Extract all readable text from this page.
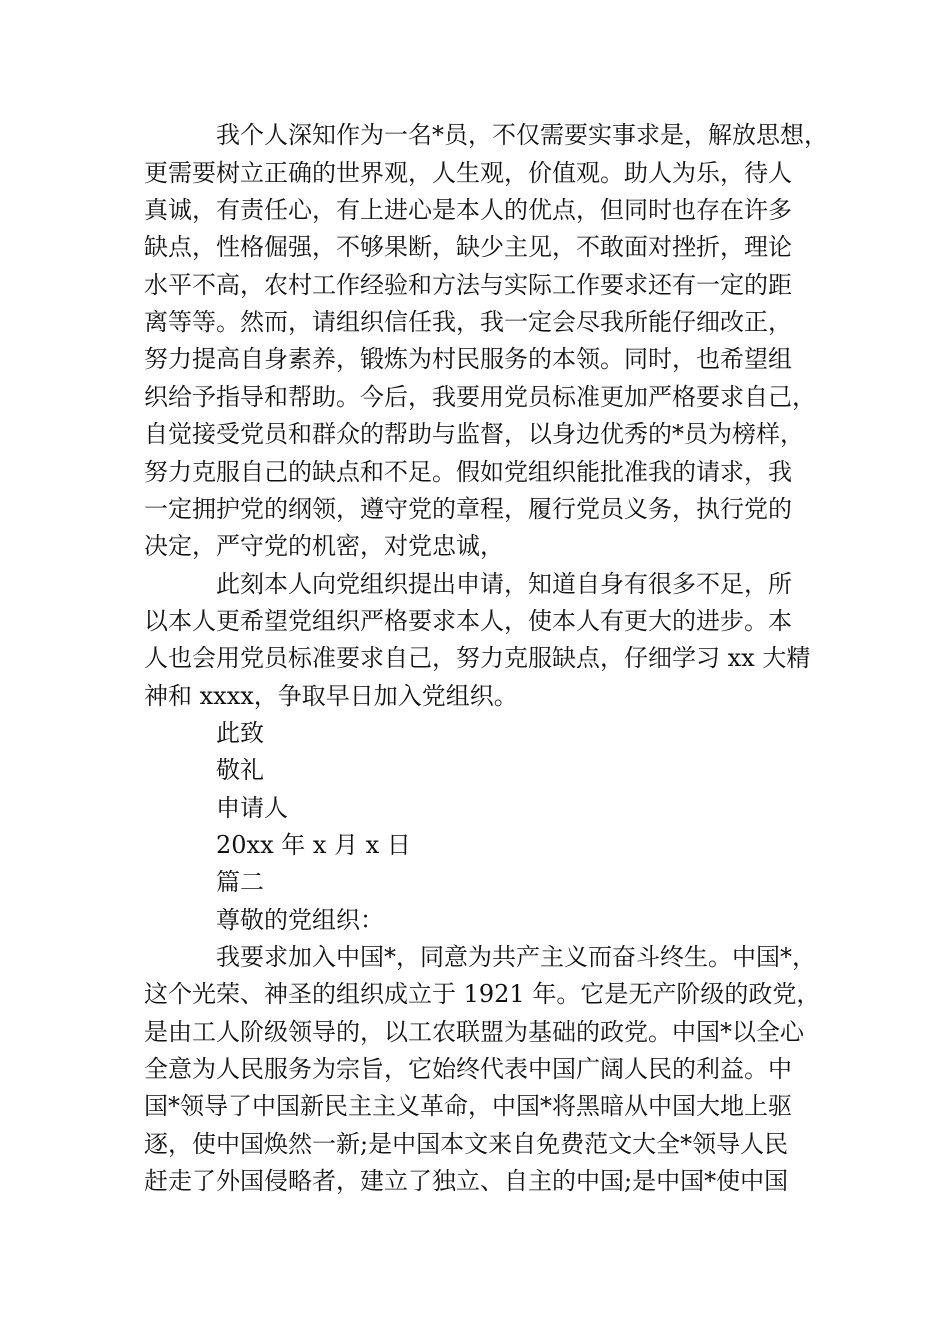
我个人深知作为一名*员，不仅需要实事求是，解放思想，
更需要树立正确的世界观，人生观，价值观。助人为乐，待人
真诚，有责任心，有上进心是本人的优点，但同时也存在许多
缺点，性格倔强，不够果断，缺少主见，不敢面对挫折，理论
水平不高，农村工作经验和方法与实际工作要求还有一定的距
离等等。然而，请组织信任我，我一定会尽我所能仔细改正，
努力提高自身素养，锻炼为村民服务的本领。同时，也希望组
织给予指导和帮助。今后，我要用党员标准更加严格要求自己，
自觉接受党员和群众的帮助与监督，以身边优秀的*员为榜样，
努力克服自己的缺点和不足。假如党组织能批准我的请求，我
一定拥护党的纲领，遵守党的章程，履行党员义务，执行党的
决定，严守党的机密，对党忠诚，
此刻本人向党组织提出申请，知道自身有很多不足，所
以本人更希望党组织严格要求本人，使本人有更大的进步。本
人也会用党员标准要求自己，努力克服缺点，仔细学习 xx 大精
神和 xxxx，争取早日加入党组织。
此致
敬礼
申请人
20xx 年 x 月 x 日
篇二
尊敬的党组织：
我要求加入中国*，同意为共产主义而奋斗终生。中国*，
这个光荣、神圣的组织成立于 1921 年。它是无产阶级的政党，
是由工人阶级领导的，以工农联盟为基础的政党。中国*以全心
全意为人民服务为宗旨，它始终代表中国广阔人民的利益。中
国*领导了中国新民主主义革命，中国*将黑暗从中国大地上驱
逐，使中国焕然一新;是中国本文来自免费范文大全*领导人民
赶走了外国侵略者，建立了独立、自主的中国;是中国*使中国
